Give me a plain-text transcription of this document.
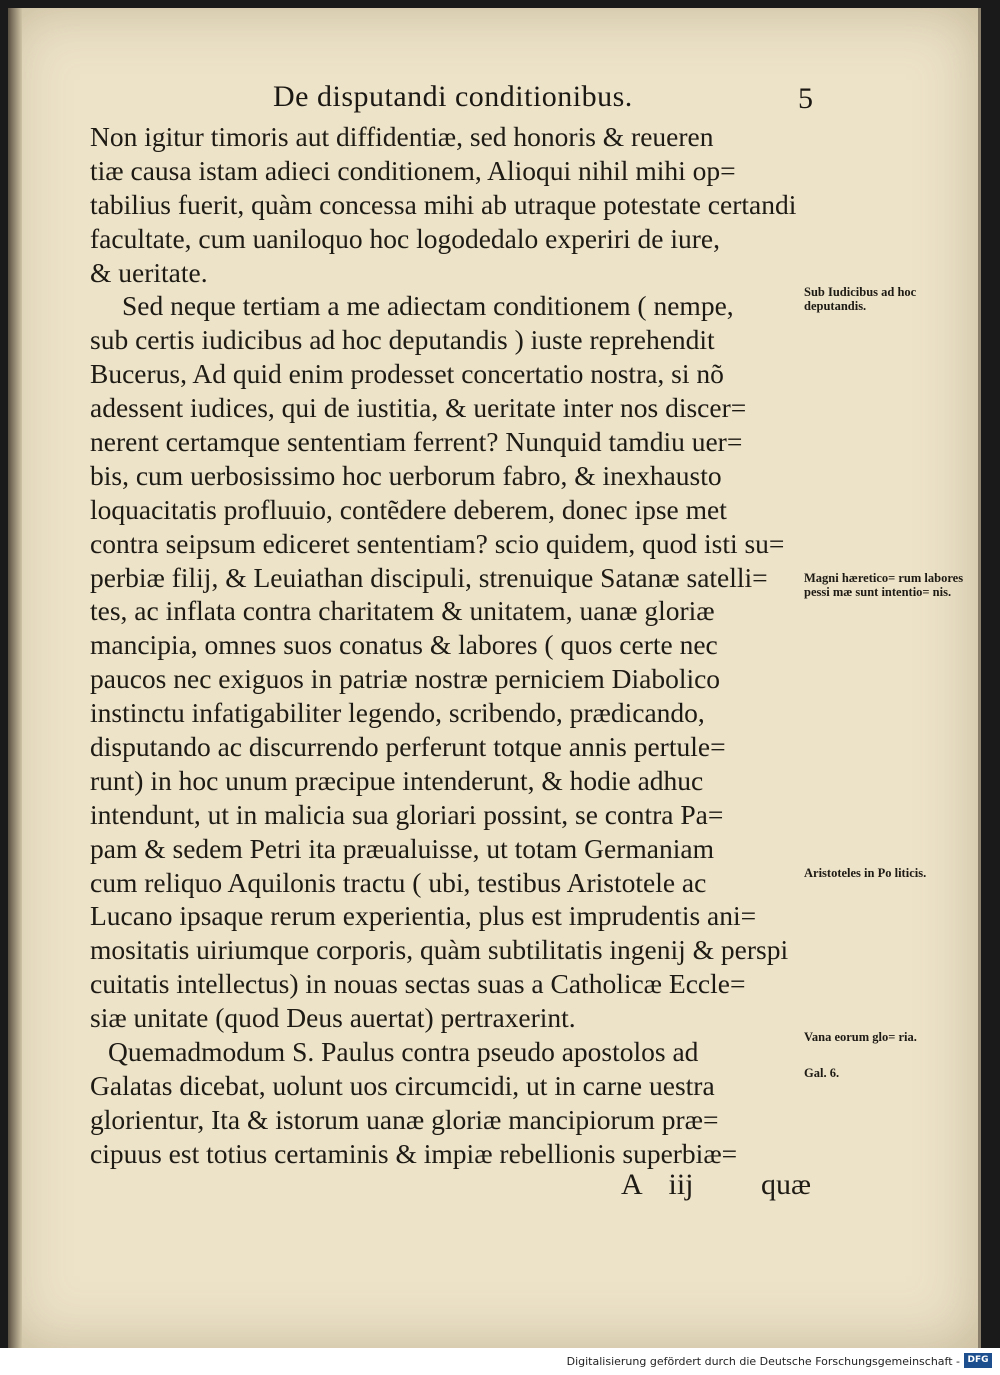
De disputandi conditionibus.	5
Non igitur timoris aut diffidentiæ, sed honoris & reueren
tiæ causa istam adieci conditionem, Alioqui nihil mihi op=
tabilius fuerit, quàm concessa mihi ab utraque potestate certandi
facultate, cum uaniloquo hoc logodedalo experiri de iure,
& ueritate.
Sed neque tertiam a me adiectam conditionem ( nempe,
sub certis iudicibus ad hoc deputandis ) iuste reprehendit
Bucerus, Ad quid enim prodesset concertatio nostra, si nõ
adessent iudices, qui de iustitia, & ueritate inter nos discer=
nerent certamque sententiam ferrent? Nunquid tamdiu uer=
bis, cum uerbosissimo hoc uerborum fabro, & inexhausto
loquacitatis profluuio, contẽdere deberem, donec ipse met
contra seipsum ediceret sententiam? scio quidem, quod isti su=
perbiæ filij, & Leuiathan discipuli, strenuique Satanæ satelli=
tes, ac inflata contra charitatem & unitatem, uanæ gloriæ
mancipia, omnes suos conatus & labores ( quos certe nec
paucos nec exiguos in patriæ nostræ perniciem Diabolico
instinctu infatigabiliter legendo, scribendo, prædicando,
disputando ac discurrendo perferunt totque annis pertule=
runt) in hoc unum præcipue intenderunt, & hodie adhuc
intendunt, ut in malicia sua gloriari possint, se contra Pa=
pam & sedem Petri ita præualuisse, ut totam Germaniam
cum reliquo Aquilonis tractu ( ubi, testibus Aristotele ac
Lucano ipsaque rerum experientia, plus est imprudentis ani=
mositatis uiriumque corporis, quàm subtilitatis ingenij & perspi
cuitatis intellectus) in nouas sectas suas a Catholicæ Eccle=
siæ unitate (quod Deus auertat) pertraxerint.
Quemadmodum S. Paulus contra pseudo apostolos ad
Galatas dicebat, uolunt uos circumcidi, ut in carne uestra
glorientur, Ita & istorum uanæ gloriæ mancipiorum præ=
cipuus est totius certaminis & impiæ rebellionis superbiæ=
Sub Iudicibus ad hoc deputandis.
Magni hæretico= rum labores pessi mæ sunt intentio= nis.
Aristoteles in Po liticis.
Vana eorum glo= ria.
Gal. 6.
A iij quæ
Digitalisierung gefördert durch die Deutsche Forschungsgemeinschaft - DFG
